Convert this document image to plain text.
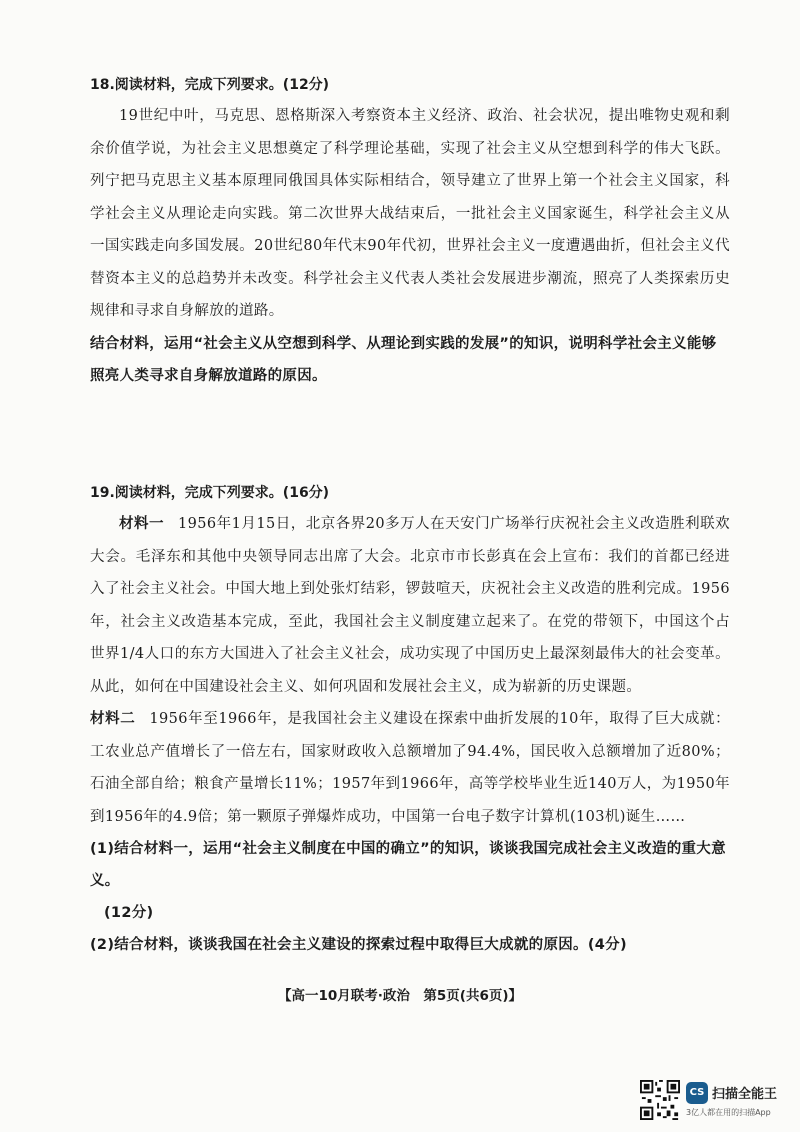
18.阅读材料，完成下列要求。(12分)
19世纪中叶，马克思、恩格斯深入考察资本主义经济、政治、社会状况，提出唯物史观和剩余价值学说，为社会主义思想奠定了科学理论基础，实现了社会主义从空想到科学的伟大飞跃。列宁把马克思主义基本原理同俄国具体实际相结合，领导建立了世界上第一个社会主义国家，科学社会主义从理论走向实践。第二次世界大战结束后，一批社会主义国家诞生，科学社会主义从一国实践走向多国发展。20世纪80年代末90年代初，世界社会主义一度遭遇曲折，但社会主义代替资本主义的总趋势并未改变。科学社会主义代表人类社会发展进步潮流，照亮了人类探索历史规律和寻求自身解放的道路。
结合材料，运用“社会主义从空想到科学、从理论到实践的发展”的知识，说明科学社会主义能够照亮人类寻求自身解放道路的原因。
19.阅读材料，完成下列要求。(16分)
材料一 1956年1月15日，北京各界20多万人在天安门广场举行庆祝社会主义改造胜利联欢大会。毛泽东和其他中央领导同志出席了大会。北京市市长彭真在会上宣布：我们的首都已经进入了社会主义社会。中国大地上到处张灯结彩，锣鼓喧天，庆祝社会主义改造的胜利完成。1956年，社会主义改造基本完成，至此，我国社会主义制度建立起来了。在党的带领下，中国这个占世界1/4人口的东方大国进入了社会主义社会，成功实现了中国历史上最深刻最伟大的社会变革。从此，如何在中国建设社会主义、如何巩固和发展社会主义，成为崭新的历史课题。
材料二 1956年至1966年，是我国社会主义建设在探索中曲折发展的10年，取得了巨大成就：工农业总产值增长了一倍左右，国家财政收入总额增加了94.4%，国民收入总额增加了近80%；石油全部自给；粮食产量增长11%；1957年到1966年，高等学校毕业生近140万人，为1950年到1956年的4.9倍；第一颗原子弹爆炸成功，中国第一台电子数字计算机(103机)诞生……
(1)结合材料一，运用“社会主义制度在中国的确立”的知识，谈谈我国完成社会主义改造的重大意义。
(12分)
(2)结合材料，谈谈我国在社会主义建设的探索过程中取得巨大成就的原因。(4分)
【高一10月联考·政治　第5页(共6页)】
CS 扫描全能王
3亿人都在用的扫描App
